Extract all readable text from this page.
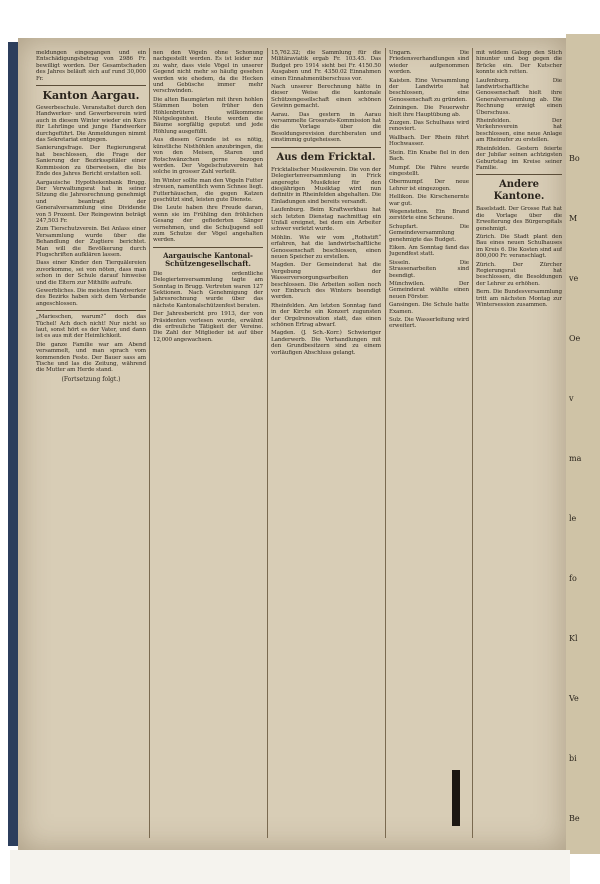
meldungen eingegangen und ein Entschädigungsbetrag von 2986 Fr. bewilligt worden. Der Gesamtschaden des Jahres beläuft sich auf rund 30,000 Fr.

Kanton Aargau.

Gewerbeschule. Veranstaltet durch den Handwerker- und Gewerbeverein wird auch in diesem Winter wieder ein Kurs für Lehrlinge und junge Handwerker durchgeführt. Die Anmeldungen nimmt das Sekretariat entgegen.

Sanierungsfrage. Der Regierungsrat hat beschlossen, die Frage der Sanierung der Bezirksspitäler einer Kommission zu überweisen, die bis Ende des Jahres Bericht erstatten soll.

Aargauische Hypothekenbank Brugg. Der Verwaltungsrat hat in seiner Sitzung die Jahresrechnung genehmigt und beantragt der Generalversammlung eine Dividende von 5 Prozent. Der Reingewinn beträgt 247,503 Fr.

Zum Tierschutzverein. Bei Anlass einer Versammlung wurde über die Behandlung der Zugtiere berichtet. Man will die Bevölkerung durch Flugschriften aufklären lassen.

Dass einer Kinder den Tierquälereien zuvorkomme, sei von nöten, dass man schon in der Schule darauf hinweise und die Eltern zur Mithilfe aufrufe.

Gewerbliches. Die meisten Handwerker des Bezirks haben sich dem Verbande angeschlossen.

„Marieschen, warum?“ doch das Tüchel! Ach doch nicht! Nur nicht so laut, sonst hört es der Vater, und dann ist es aus mit der Heimlichkeit.

Die ganze Familie war am Abend versammelt, und man sprach vom kommenden Feste. Der Bauer sass am Tische und las die Zeitung, während die Mutter am Herde stand.

(Fortsetzung folgt.)

nen den Vögeln ohne Schonung nachgestellt werden. Es ist leider nur zu wahr, dass viele Vögel in unserer Gegend nicht mehr so häufig gesehen werden wie ehedem, da die Hecken und Gebüsche immer mehr verschwinden.

Die alten Baumgärten mit ihren hohlen Stämmen boten früher den Höhlenbrütern willkommene Nistgelegenheit. Heute werden die Bäume sorgfältig geputzt und jede Höhlung ausgefüllt.

Aus diesem Grunde ist es nötig, künstliche Nisthöhlen anzubringen, die von den Meisen, Staren und Rotschwänzchen gerne bezogen werden. Der Vogelschutzverein hat solche in grosser Zahl verteilt.

Im Winter sollte man den Vögeln Futter streuen, namentlich wenn Schnee liegt. Futterhäuschen, die gegen Katzen geschützt sind, leisten gute Dienste.

Die Leute haben ihre Freude daran, wenn sie im Frühling den fröhlichen Gesang der gefiederten Sänger vernehmen, und die Schuljugend soll zum Schutze der Vögel angehalten werden.

Aargauische Kantonal-Schützengesellschaft.

Die ordentliche Delegiertenversammlung tagte am Sonntag in Brugg. Vertreten waren 127 Sektionen. Nach Genehmigung der Jahresrechnung wurde über das nächste Kantonalschützenfest beraten.

Der Jahresbericht pro 1913, der von Präsidenten verlesen wurde, erwähnt die erfreuliche Tätigkeit der Vereine. Die Zahl der Mitglieder ist auf über 12,000 angewachsen.

15,762.32; die Sammlung für die Militäraviatik ergab Fr. 103.45. Das Budget pro 1914 sieht bei Fr. 4150.50 Ausgaben und Fr. 4350.02 Einnahmen einen Einnahmenüberschuss vor.

Nach unserer Berechnung hätte in dieser Weise die kantonale Schützengesellschaft einen schönen Gewinn gemacht.

Aarau. Das gestern in Aarau versammelte Grossrats-Kommission hat die Vorlage über die Besoldungsrevision durchberaten und einstimmig gutgeheissen.

Aus dem Fricktal.

Fricktalischer Musikverein. Die von der Delegiertenversammlung in Frick angeregte Musikfeier für den diesjährigen Musiktag wird nun definitiv in Rheinfelden abgehalten. Die Einladungen sind bereits versandt.

Laufenburg. Beim Kraftwerkbau hat sich letzten Dienstag nachmittag ein Unfall ereignet, bei dem ein Arbeiter schwer verletzt wurde.

Möhlin. Wie wir vom „Rothstift“ erfahren, hat die landwirtschaftliche Genossenschaft beschlossen, einen neuen Speicher zu erstellen.

Magden. Der Gemeinderat hat die Vergebung der Wasserversorgungsarbeiten beschlossen. Die Arbeiten sollen noch vor Einbruch des Winters beendigt werden.

Rheinfelden. Am letzten Sonntag fand in der Kirche ein Konzert zugunsten der Orgelrenovation statt, das einen schönen Ertrag abwarf.

Magden. (J. Sch.-Korr.) Schwieriger Landerwerb. Die Verhandlungen mit den Grundbesitzern sind zu einem vorläufigen Abschluss gelangt.

Ungarn. Die Friedensverhandlungen sind wieder aufgenommen worden.

Kaisten. Eine Versammlung der Landwirte hat beschlossen, eine Genossenschaft zu gründen.

Zeiningen. Die Feuerwehr hielt ihre Hauptübung ab.

Zuzgen. Das Schulhaus wird renoviert.

Wallbach. Der Rhein führt Hochwasser.

Stein. Ein Knabe fiel in den Bach.

Mumpf. Die Fähre wurde eingestellt.

Obermumpf. Der neue Lehrer ist eingezogen.

Hellikon. Die Kirschenernte war gut.

Wegenstetten. Ein Brand zerstörte eine Scheune.

Schupfart. Die Gemeindeversammlung genehmigte das Budget.

Eiken. Am Sonntag fand das Jugendfest statt.

Sisseln. Die Strassenarbeiten sind beendigt.

Münchwilen. Der Gemeinderat wählte einen neuen Förster.

Gansingen. Die Schule hatte Examen.

Sulz. Die Wasserleitung wird erweitert.

mit wildem Galopp den Stich hinunter und bog gegen die Brücke ein. Der Kutscher konnte sich retten.

Laufenburg. Die landwirtschaftliche Genossenschaft hielt ihre Generalversammlung ab. Die Rechnung erzeigt einen Überschuss.

Rheinfelden. Der Verkehrsverein hat beschlossen, eine neue Anlage am Rheinufer zu erstellen.

Rheinfelden. Gestern feierte der Jubilar seinen achtzigsten Geburtstag im Kreise seiner Familie.

Andere Kantone.

Baselstadt. Der Grosse Rat hat die Vorlage über die Erweiterung des Bürgerspitals genehmigt.

Zürich. Die Stadt plant den Bau eines neuen Schulhauses im Kreis 6. Die Kosten sind auf 800,000 Fr. veranschlagt.

Zürich. Der Zürcher Regierungsrat hat beschlossen, die Besoldungen der Lehrer zu erhöhen.

Bern. Die Bundesversammlung tritt am nächsten Montag zur Wintersession zusammen.

Bo
M
ve
Oe
v
ma
le
fo
Kl
Ve
bi
Be
